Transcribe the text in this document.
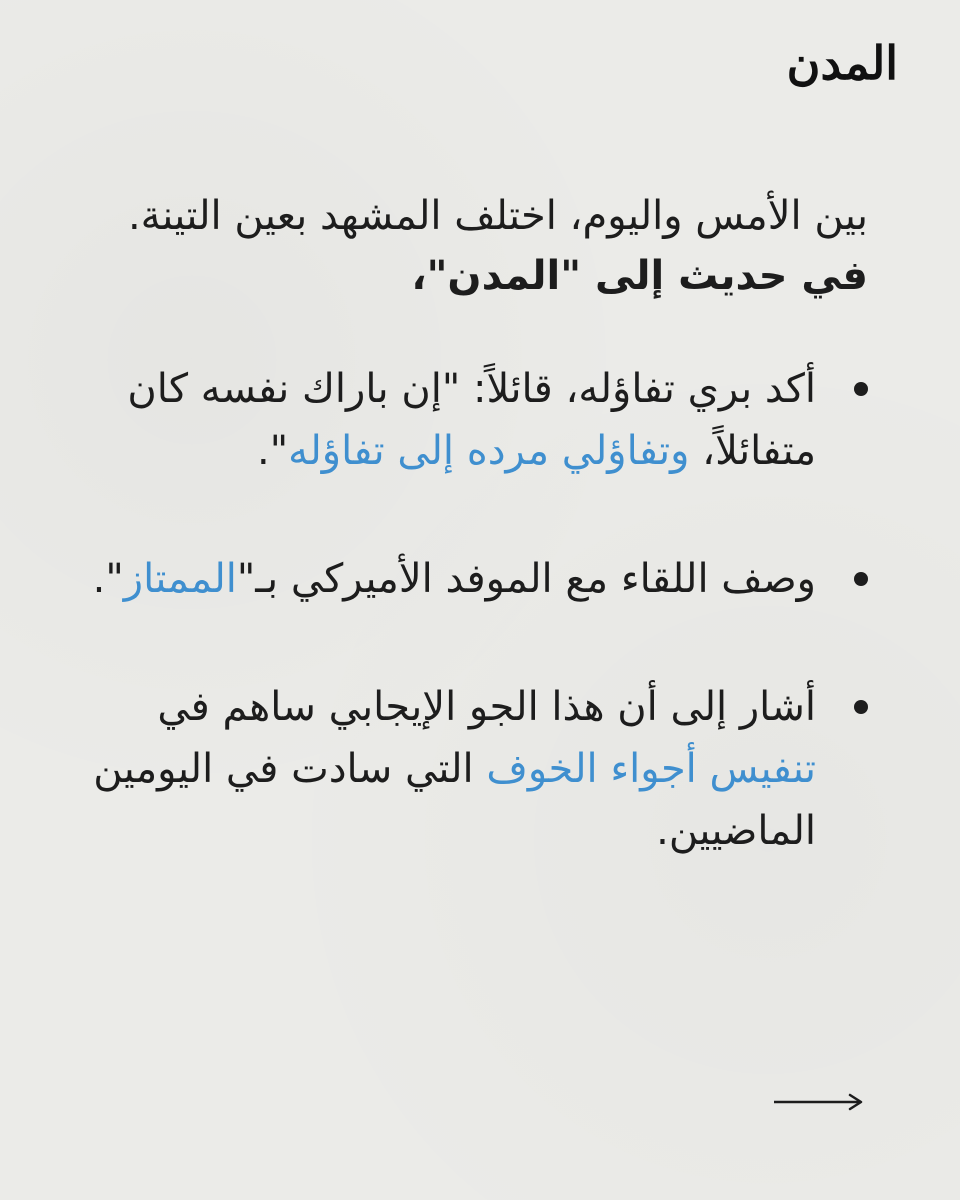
المدن

بين الأمس واليوم، اختلف المشهد بعين التينة. في حديث إلى "المدن"،

أكد بري تفاؤله، قائلاً: "إن باراك نفسه كان متفائلاً، وتفاؤلي مرده إلى تفاؤله".
وصف اللقاء مع الموفد الأميركي بـ"الممتاز".
أشار إلى أن هذا الجو الإيجابي ساهم في تنفيس أجواء الخوف التي سادت في اليومين الماضيين.
